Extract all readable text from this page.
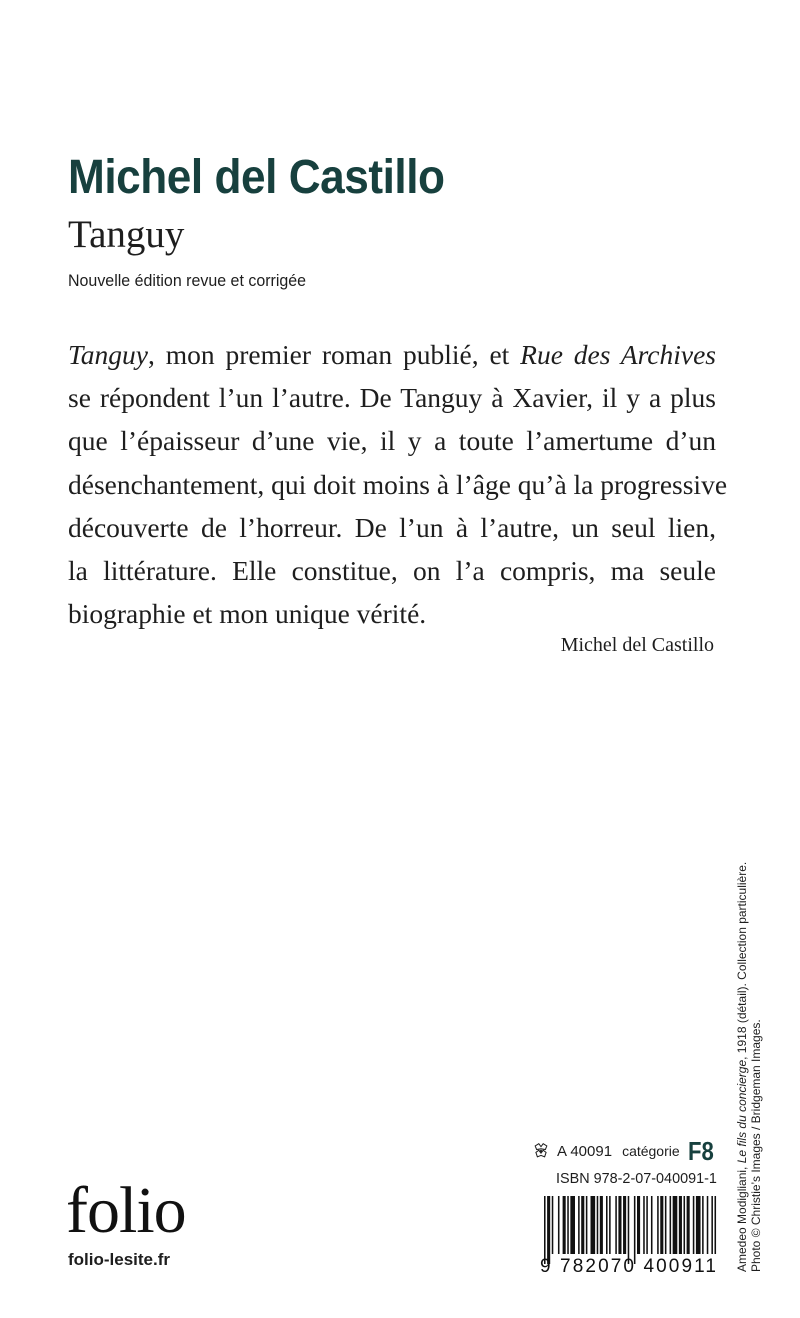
Michel del Castillo
Tanguy
Nouvelle édition revue et corrigée
Tanguy, mon premier roman publié, et Rue des Archives
se répondent l’un l’autre. De Tanguy à Xavier, il y a plus
que l’épaisseur d’une vie, il y a toute l’amertume d’un
désenchantement, qui doit moins à l’âge qu’à la progressive
découverte de l’horreur. De l’un à l’autre, un seul lien,
la littérature. Elle constitue, on l’a compris, ma seule
biographie et mon unique vérité.
Michel del Castillo
Amedeo Modigliani, Le fils du concierge, 1918 (détail). Collection particulière.
Photo © Christie’s Images / Bridgeman Images.
A 40091 catégorie F8
ISBN 978-2-07-040091-1
9 782070 400911
folio
folio-lesite.fr
